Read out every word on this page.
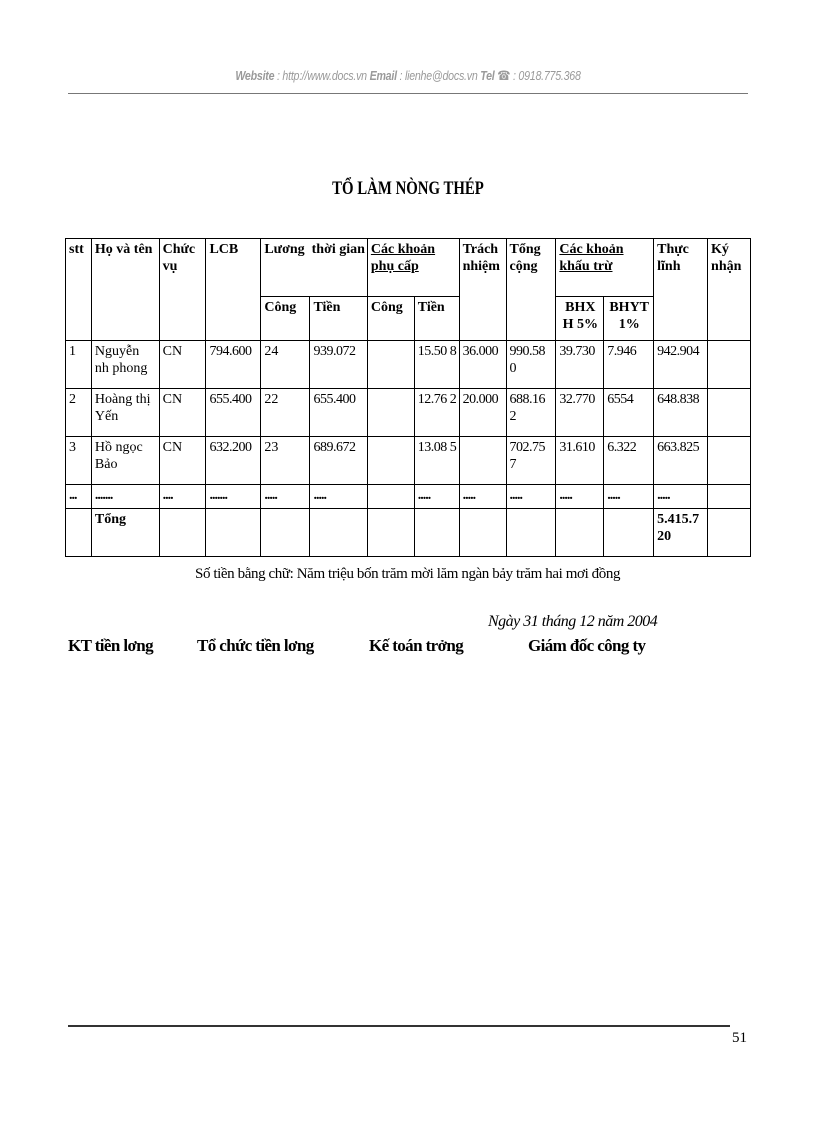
Website : http://www.docs.vn Email : lienhe@docs.vn Tel ☎ : 0918.775.368
TỔ LÀM NÒNG THÉP
stt	Họ và tên	Chức vụ	LCB	Lương  thời gian		Các khoản phụ cấp		Trách nhiệm	Tổng cộng	Các khoản khấu trừ		Thực lĩnh	Ký nhận
				Công	Tiền	Công	Tiền			BHX H 5%	BHYT 1%		
1	Nguyễn nh phong	CN	794.600	24	939.072		15.50 8	36.000	990.58 0	39.730	7.946	942.904	
2	Hoàng thị Yến	CN	655.400	22	655.400		12.76 2	20.000	688.16 2	32.770	6554	648.838	
3	Hồ ngọc Bảo	CN	632.200	23	689.672		13.08 5		702.75 7	31.610	6.322	663.825	
...	.......	....	.......	.....	.....		.....	.....	.....	.....	.....	.....	
	Tổng											5.415.7 20	
Số tiền bằng chữ: Năm triệu bốn trăm mời lăm ngàn bảy trăm hai mơi đồng
Ngày 31 tháng 12 năm 2004
KT tiền lơng	Tổ chức tiền lơng	Kế toán trởng	Giám đốc công ty
51
